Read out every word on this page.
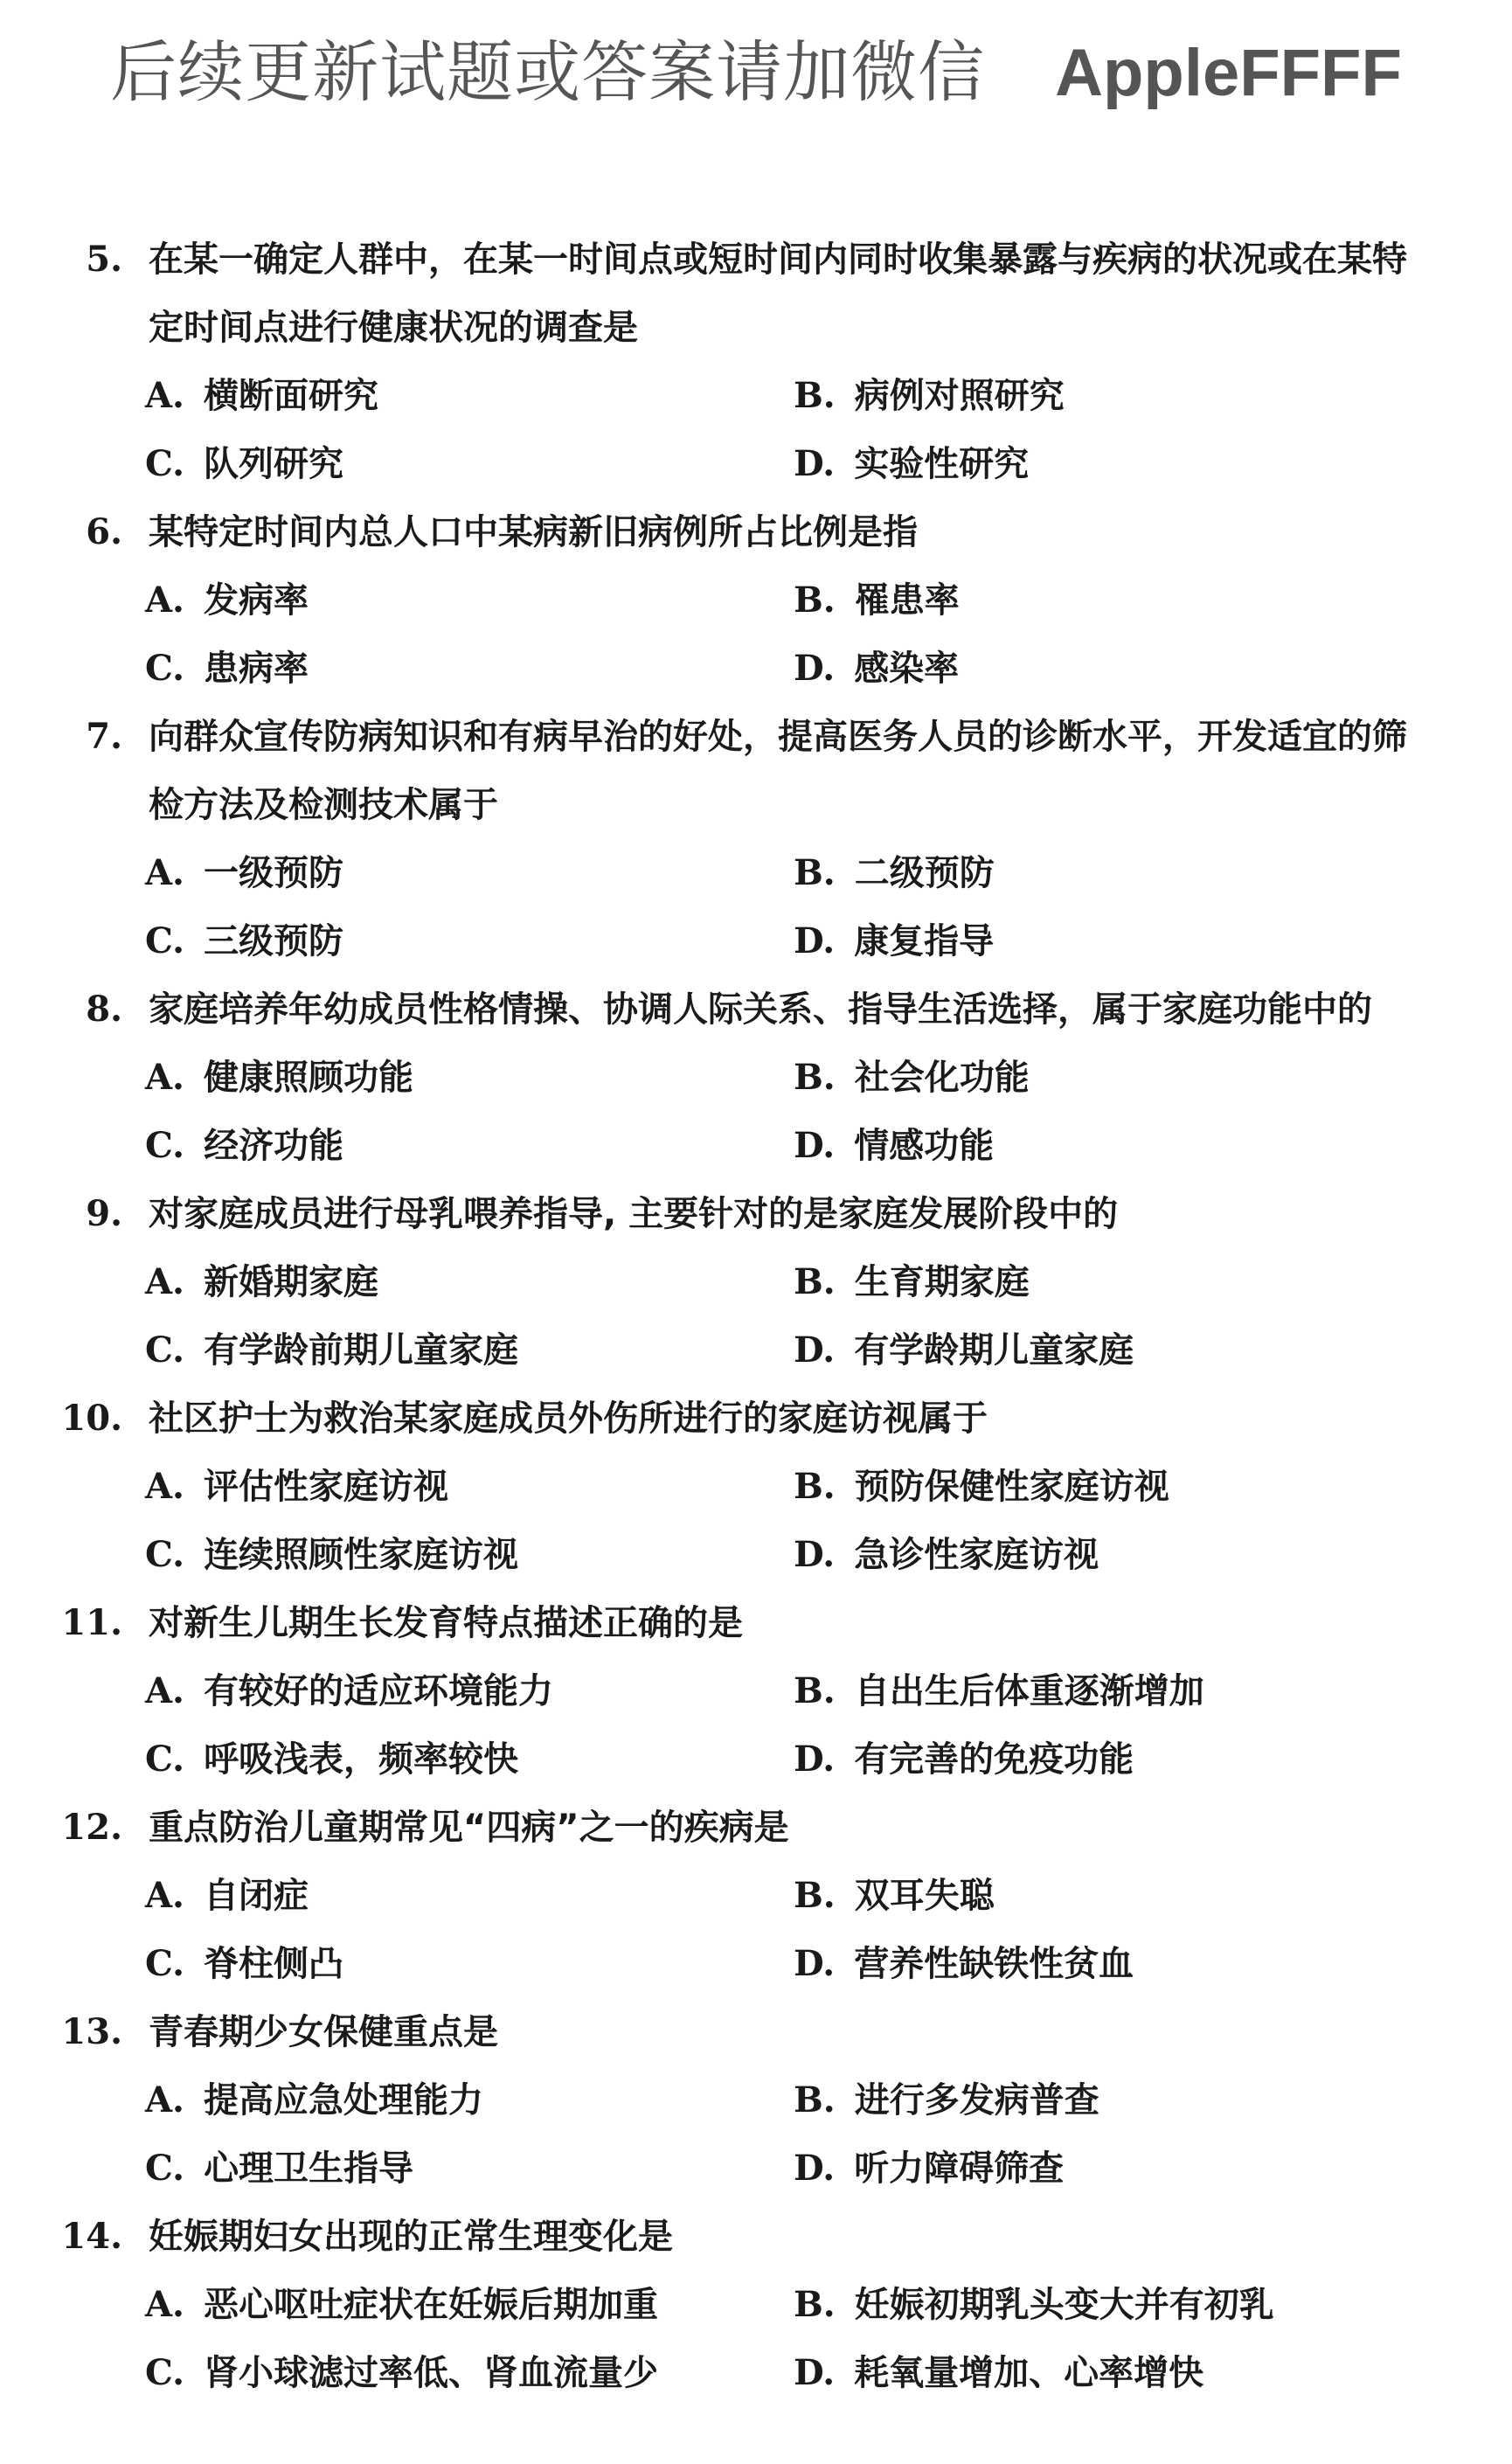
后续更新试题或答案请加微信 AppleFFFF
5. 在某一确定人群中，在某一时间点或短时间内同时收集暴露与疾病的状况或在某特
定时间点进行健康状况的调查是
A. 横断面研究	B. 病例对照研究
C. 队列研究	D. 实验性研究
6. 某特定时间内总人口中某病新旧病例所占比例是指
A. 发病率	B. 罹患率
C. 患病率	D. 感染率
7. 向群众宣传防病知识和有病早治的好处，提高医务人员的诊断水平，开发适宜的筛
检方法及检测技术属于
A. 一级预防	B. 二级预防
C. 三级预防	D. 康复指导
8. 家庭培养年幼成员性格情操、协调人际关系、指导生活选择，属于家庭功能中的
A. 健康照顾功能	B. 社会化功能
C. 经济功能	D. 情感功能
9. 对家庭成员进行母乳喂养指导, 主要针对的是家庭发展阶段中的
A. 新婚期家庭	B. 生育期家庭
C. 有学龄前期儿童家庭	D. 有学龄期儿童家庭
10. 社区护士为救治某家庭成员外伤所进行的家庭访视属于
A. 评估性家庭访视	B. 预防保健性家庭访视
C. 连续照顾性家庭访视	D. 急诊性家庭访视
11. 对新生儿期生长发育特点描述正确的是
A. 有较好的适应环境能力	B. 自出生后体重逐渐增加
C. 呼吸浅表，频率较快	D. 有完善的免疫功能
12. 重点防治儿童期常见“四病”之一的疾病是
A. 自闭症	B. 双耳失聪
C. 脊柱侧凸	D. 营养性缺铁性贫血
13. 青春期少女保健重点是
A. 提高应急处理能力	B. 进行多发病普查
C. 心理卫生指导	D. 听力障碍筛查
14. 妊娠期妇女出现的正常生理变化是
A. 恶心呕吐症状在妊娠后期加重	B. 妊娠初期乳头变大并有初乳
C. 肾小球滤过率低、肾血流量少	D. 耗氧量增加、心率增快
